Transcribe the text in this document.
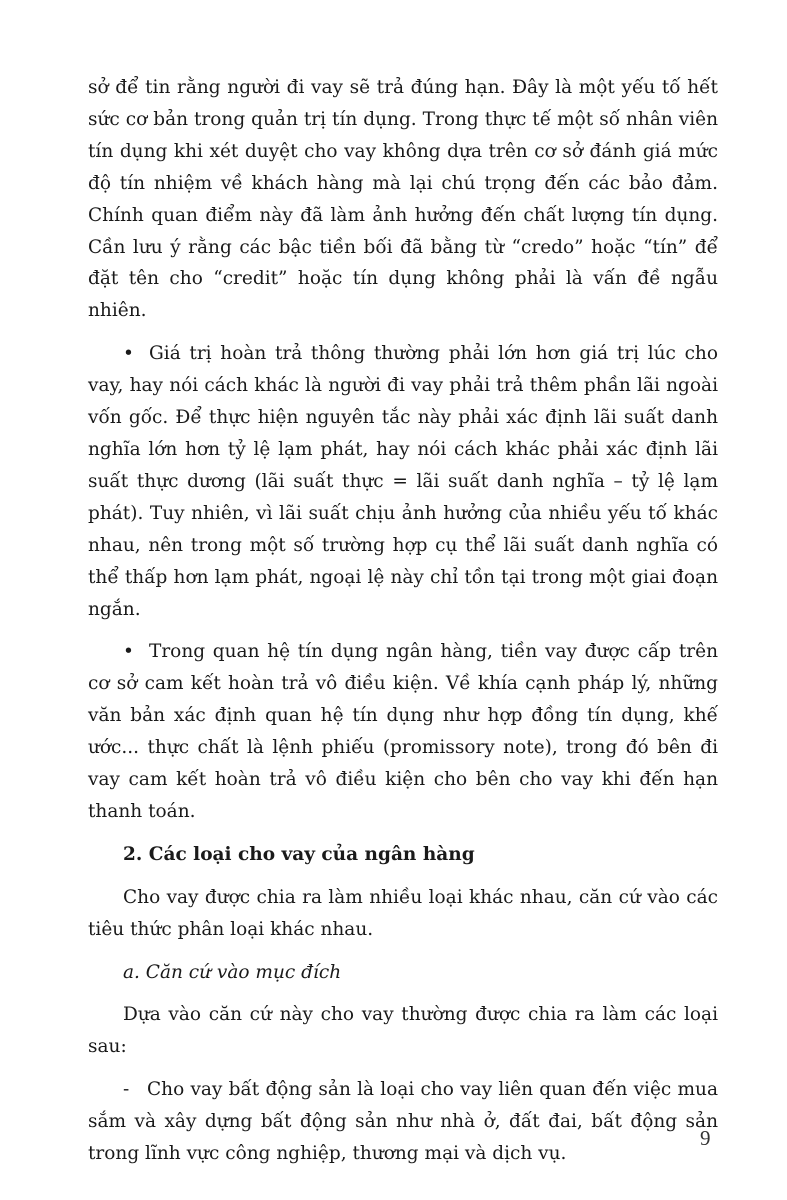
sở để tin rằng người đi vay sẽ trả đúng hạn. Đây là một yếu tố hết sức cơ bản trong quản trị tín dụng. Trong thực tế một số nhân viên tín dụng khi xét duyệt cho vay không dựa trên cơ sở đánh giá mức độ tín nhiệm về khách hàng mà lại chú trọng đến các bảo đảm. Chính quan điểm này đã làm ảnh hưởng đến chất lượng tín dụng. Cần lưu ý rằng các bậc tiền bối đã bằng từ “credo” hoặc “tín” để đặt tên cho “credit” hoặc tín dụng không phải là vấn đề ngẫu nhiên.

• Giá trị hoàn trả thông thường phải lớn hơn giá trị lúc cho vay, hay nói cách khác là người đi vay phải trả thêm phần lãi ngoài vốn gốc. Để thực hiện nguyên tắc này phải xác định lãi suất danh nghĩa lớn hơn tỷ lệ lạm phát, hay nói cách khác phải xác định lãi suất thực dương (lãi suất thực = lãi suất danh nghĩa – tỷ lệ lạm phát). Tuy nhiên, vì lãi suất chịu ảnh hưởng của nhiều yếu tố khác nhau, nên trong một số trường hợp cụ thể lãi suất danh nghĩa có thể thấp hơn lạm phát, ngoại lệ này chỉ tồn tại trong một giai đoạn ngắn.

• Trong quan hệ tín dụng ngân hàng, tiền vay được cấp trên cơ sở cam kết hoàn trả vô điều kiện. Về khía cạnh pháp lý, những văn bản xác định quan hệ tín dụng như hợp đồng tín dụng, khế ước... thực chất là lệnh phiếu (promissory note), trong đó bên đi vay cam kết hoàn trả vô điều kiện cho bên cho vay khi đến hạn thanh toán.

2. Các loại cho vay của ngân hàng

Cho vay được chia ra làm nhiều loại khác nhau, căn cứ vào các tiêu thức phân loại khác nhau.

a. Căn cứ vào mục đích

Dựa vào căn cứ này cho vay thường được chia ra làm các loại sau:

- Cho vay bất động sản là loại cho vay liên quan đến việc mua sắm và xây dựng bất động sản như nhà ở, đất đai, bất động sản trong lĩnh vực công nghiệp, thương mại và dịch vụ.

9
